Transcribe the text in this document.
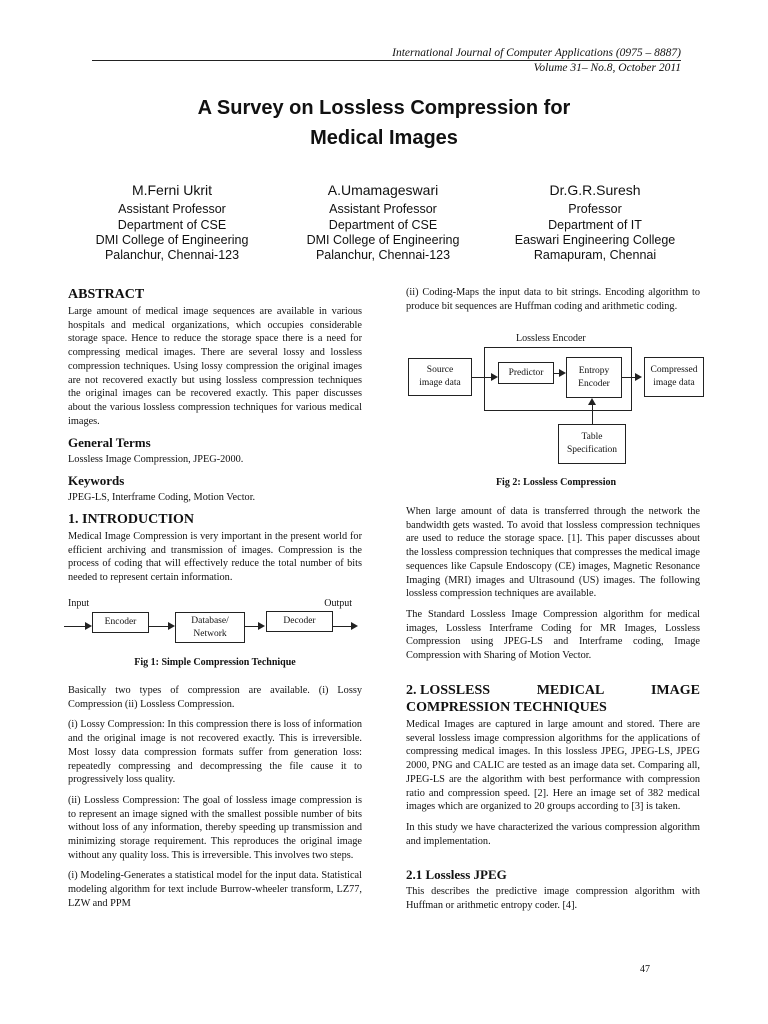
International Journal of Computer Applications (0975 – 8887)
Volume 31– No.8, October 2011
A Survey on Lossless Compression for
Medical Images
M.Ferni Ukrit
Assistant Professor
Department of CSE
DMI College of Engineering
Palanchur, Chennai-123
A.Umamageswari
Assistant Professor
Department of CSE
DMI College of Engineering
Palanchur, Chennai-123
Dr.G.R.Suresh
Professor
Department of IT
Easwari Engineering College
Ramapuram, Chennai
ABSTRACT

Large amount of medical image sequences are available in various hospitals and medical organizations, which occupies considerable storage space. Hence to reduce the storage space there is a need for compressing medical images. There are several lossy and lossless compression techniques. Using lossy compression the original images are not recovered exactly but using lossless compression techniques the original images can be recovered exactly. This paper discusses about the various lossless compression techniques for various medical images.

General Terms

Lossless Image Compression, JPEG-2000.

Keywords

JPEG-LS, Interframe Coding, Motion Vector.

1. INTRODUCTION

Medical Image Compression is very important in the present world for efficient archiving and transmission of images. Compression is the process of coding that will effectively reduce the total number of bits needed to represent certain information.

Input	Output
Encoder	Database/
Network
Decoder
Fig 1: Simple Compression Technique

Basically two types of compression are available. (i) Lossy Compression (ii) Lossless Compression.

(i) Lossy Compression: In this compression there is loss of information and the original image is not recovered exactly. This is irreversible. Most lossy data compression formats suffer from generation loss: repeatedly compressing and decompressing the file cause it to progressively loss quality.

(ii) Lossless Compression: The goal of lossless image compression is to represent an image signed with the smallest possible number of bits without loss of any information, thereby speeding up transmission and minimizing storage requirement. This reproduces the original image without any quality loss. This is irreversible. This involves two steps.

(i) Modeling-Generates a statistical model for the input data. Statistical modeling algorithm for text include Burrow-wheeler transform, LZ77, LZW and PPM

(ii) Coding-Maps the input data to bit strings. Encoding algorithm to produce bit sequences are Huffman coding and arithmetic coding.

Lossless Encoder
Source
image data
Predictor	Entropy
Encoder
Compressed
image data
Table
Specification
Fig 2: Lossless Compression

When large amount of data is transferred through the network the bandwidth gets wasted. To avoid that lossless compression techniques are used to reduce the storage space. [1]. This paper discusses about the lossless compression techniques that compresses the medical image sequences like Capsule Endoscopy (CE) images, Magnetic Resonance Imaging (MRI) images and Ultrasound (US) images. The following lossless compression techniques are available.

The Standard Lossless Image Compression algorithm for medical images, Lossless Interframe Coding for MR Images, Lossless Compression using JPEG-LS and Interframe coding, Image Compression with Sharing of Motion Vector.

2. LOSSLESS	MEDICAL	IMAGE
COMPRESSION TECHNIQUES

Medical Images are captured in large amount and stored. There are several lossless image compression algorithms for the applications of compressing medical images. In this lossless JPEG, JPEG-LS, JPEG 2000, PNG and CALIC are tested as an image data set. Comparing all, JPEG-LS are the algorithm with best performance with compression ratio and compression speed. [2]. Here an image set of 382 medical images which are organized to 20 groups according to [3] is taken.

In this study we have characterized the various compression algorithm and implementation.

2.1 Lossless JPEG

This describes the predictive image compression algorithm with Huffman or arithmetic entropy coder. [4].

47
